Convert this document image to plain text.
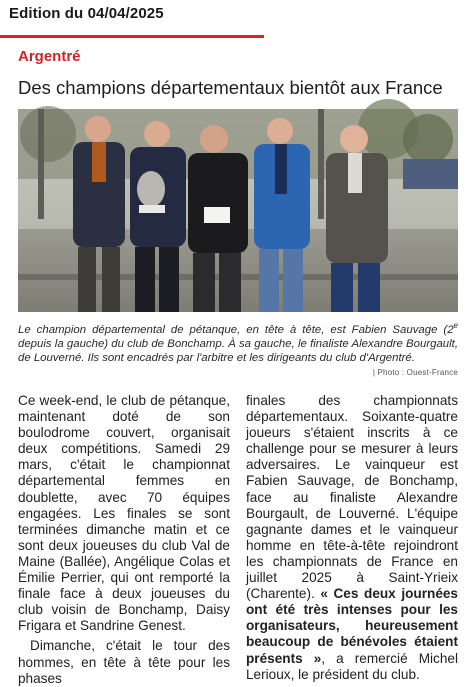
Edition du 04/04/2025
Argentré
Des champions départementaux bientôt aux France
Le champion départemental de pétanque, en tête à tête, est Fabien Sauvage (2e depuis la gauche) du club de Bonchamp. À sa gauche, le finaliste Alexandre Bourgault, de Louverné. Ils sont encadrés par l'arbitre et les dirigeants du club d'Argentré.
| Photo : Ouest-France

Ce week-end, le club de pétanque, maintenant doté de son boulodrome couvert, organisait deux compétitions. Samedi 29 mars, c'était le championnat départemental femmes en doublette, avec 70 équipes engagées. Les finales se sont terminées dimanche matin et ce sont deux joueuses du club Val de Maine (Ballée), Angélique Colas et Émilie Perrier, qui ont remporté la finale face à deux joueuses du club voisin de Bonchamp, Daisy Frigara et Sandrine Genest.

Dimanche, c'était le tour des hommes, en tête à tête pour les phases

finales des championnats départementaux. Soixante-quatre joueurs s'étaient inscrits à ce challenge pour se mesurer à leurs adversaires. Le vainqueur est Fabien Sauvage, de Bonchamp, face au finaliste Alexandre Bourgault, de Louverné. L'équipe gagnante dames et le vainqueur homme en tête-à-tête rejoindront les championnats de France en juillet 2025 à Saint-Yrieix (Charente). « Ces deux journées ont été très intenses pour les organisateurs, heureusement beaucoup de bénévoles étaient présents », a remercié Michel Lerioux, le président du club.
